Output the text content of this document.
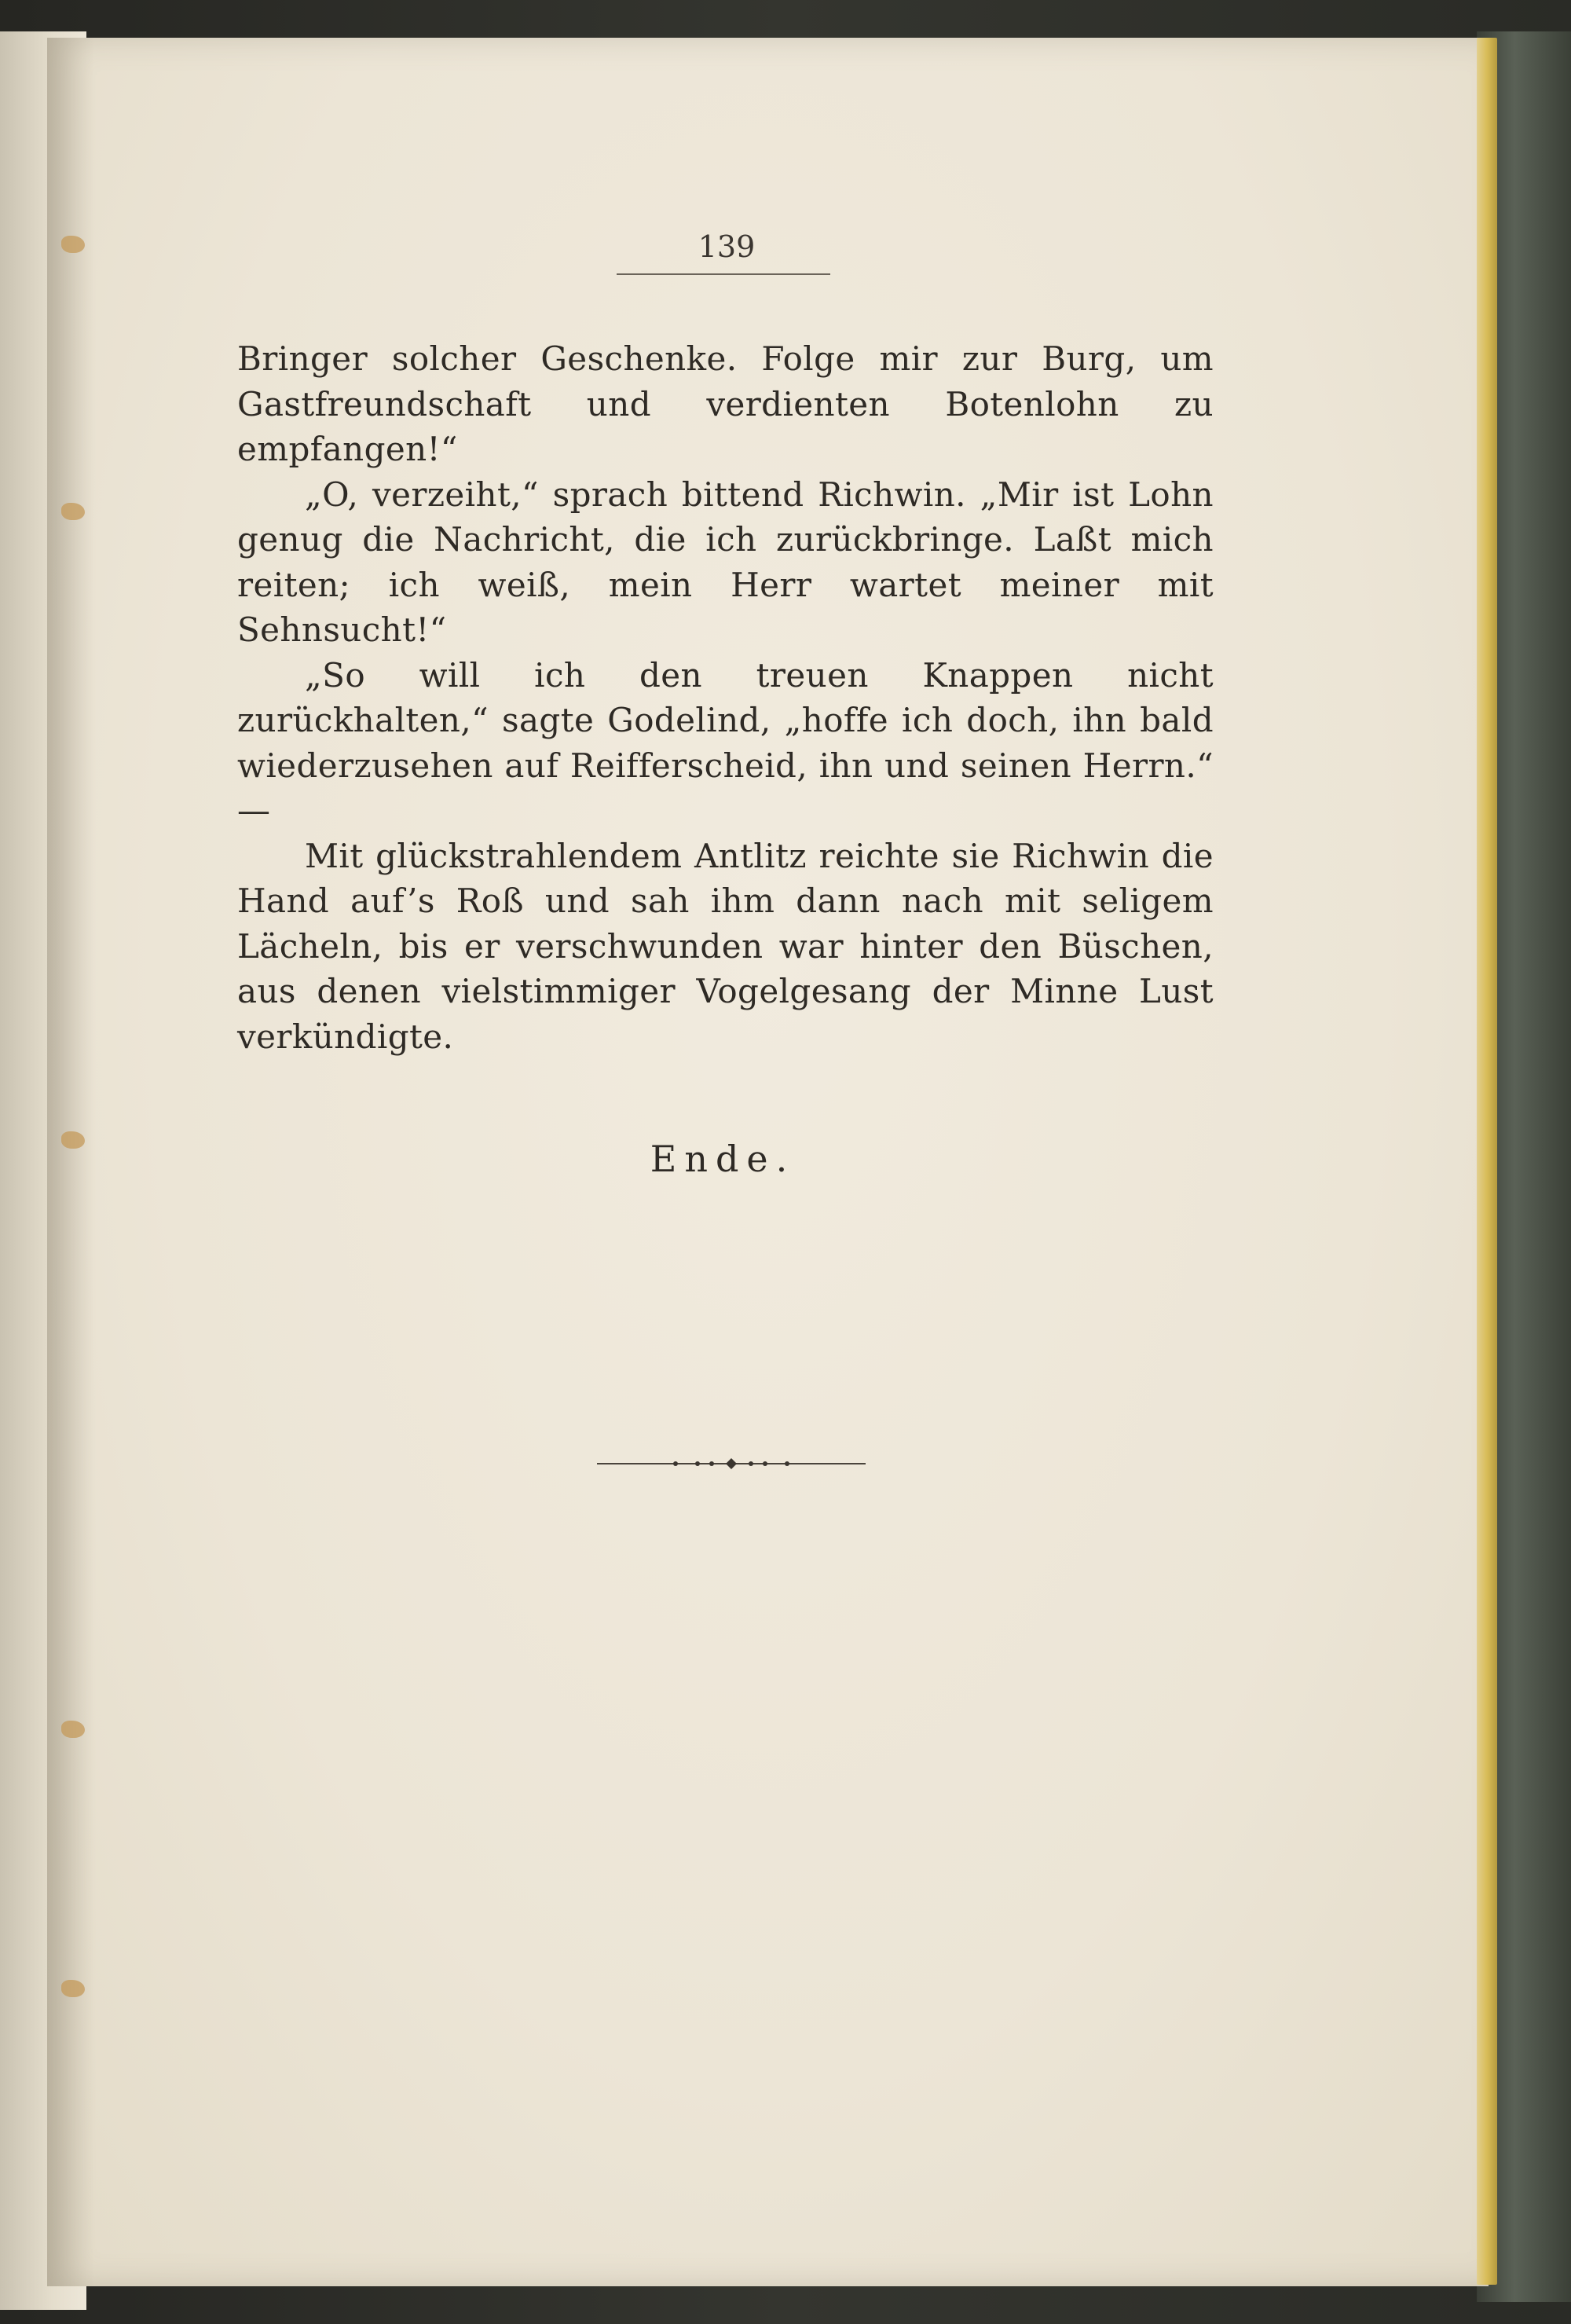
139

Bringer solcher Geschenke. Folge mir zur Burg, um Gastfreundschaft und verdienten Botenlohn zu empfangen!“

„O, verzeiht,“ sprach bittend Richwin. „Mir ist Lohn genug die Nachricht, die ich zurückbringe. Laßt mich reiten; ich weiß, mein Herr wartet meiner mit Sehnsucht!“

„So will ich den treuen Knappen nicht zurückhalten,“ sagte Godelind, „hoffe ich doch, ihn bald wiederzusehen auf Reifferscheid, ihn und seinen Herrn.“ —

Mit glückstrahlendem Antlitz reichte sie Richwin die Hand auf’s Roß und sah ihm dann nach mit seligem Lächeln, bis er verschwunden war hinter den Büschen, aus denen vielstimmiger Vogelgesang der Minne Lust verkündigte.

Ende.
